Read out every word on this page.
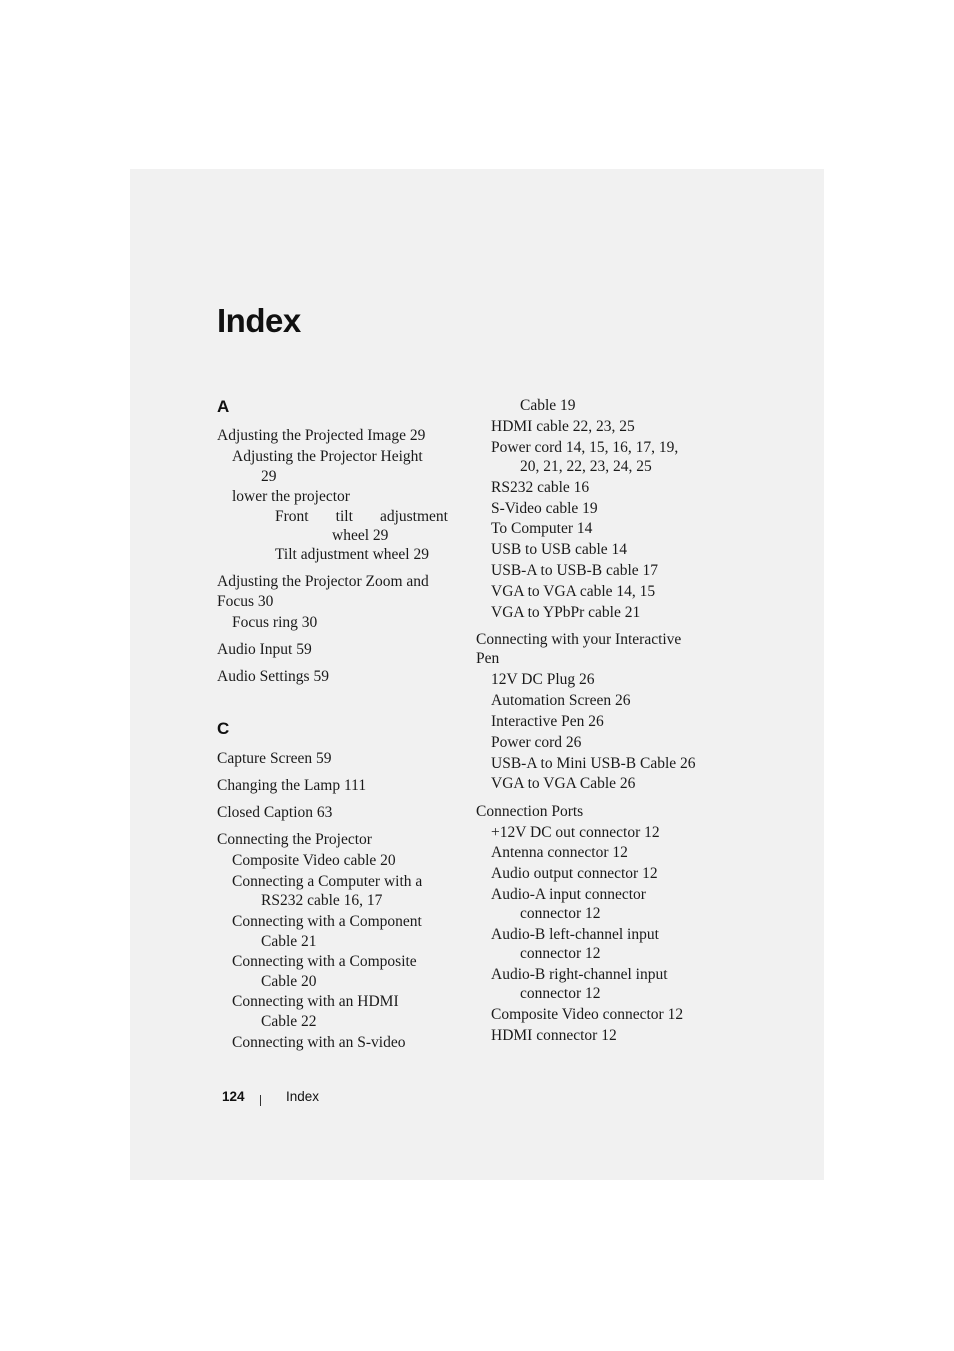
Index
A
Adjusting the Projected Image 29
Adjusting the Projector Height
29
lower the projector
Front tilt adjustment
wheel 29
Tilt adjustment wheel 29
Adjusting the Projector Zoom and
Focus 30
Focus ring 30
Audio Input 59
Audio Settings 59
C
Capture Screen 59
Changing the Lamp 111
Closed Caption 63
Connecting the Projector
Composite Video cable 20
Connecting a Computer with a
RS232 cable 16, 17
Connecting with a Component
Cable 21
Connecting with a Composite
Cable 20
Connecting with an HDMI
Cable 22
Connecting with an S-video
Cable 19
HDMI cable 22, 23, 25
Power cord 14, 15, 16, 17, 19,
20, 21, 22, 23, 24, 25
RS232 cable 16
S-Video cable 19
To Computer 14
USB to USB cable 14
USB-A to USB-B cable 17
VGA to VGA cable 14, 15
VGA to YPbPr cable 21
Connecting with your Interactive
Pen
12V DC Plug 26
Automation Screen 26
Interactive Pen 26
Power cord 26
USB-A to Mini USB-B Cable 26
VGA to VGA Cable 26
Connection Ports
+12V DC out connector 12
Antenna connector 12
Audio output connector 12
Audio-A input connector
connector 12
Audio-B left-channel input
connector 12
Audio-B right-channel input
connector 12
Composite Video connector 12
HDMI connector 12
124	Index
